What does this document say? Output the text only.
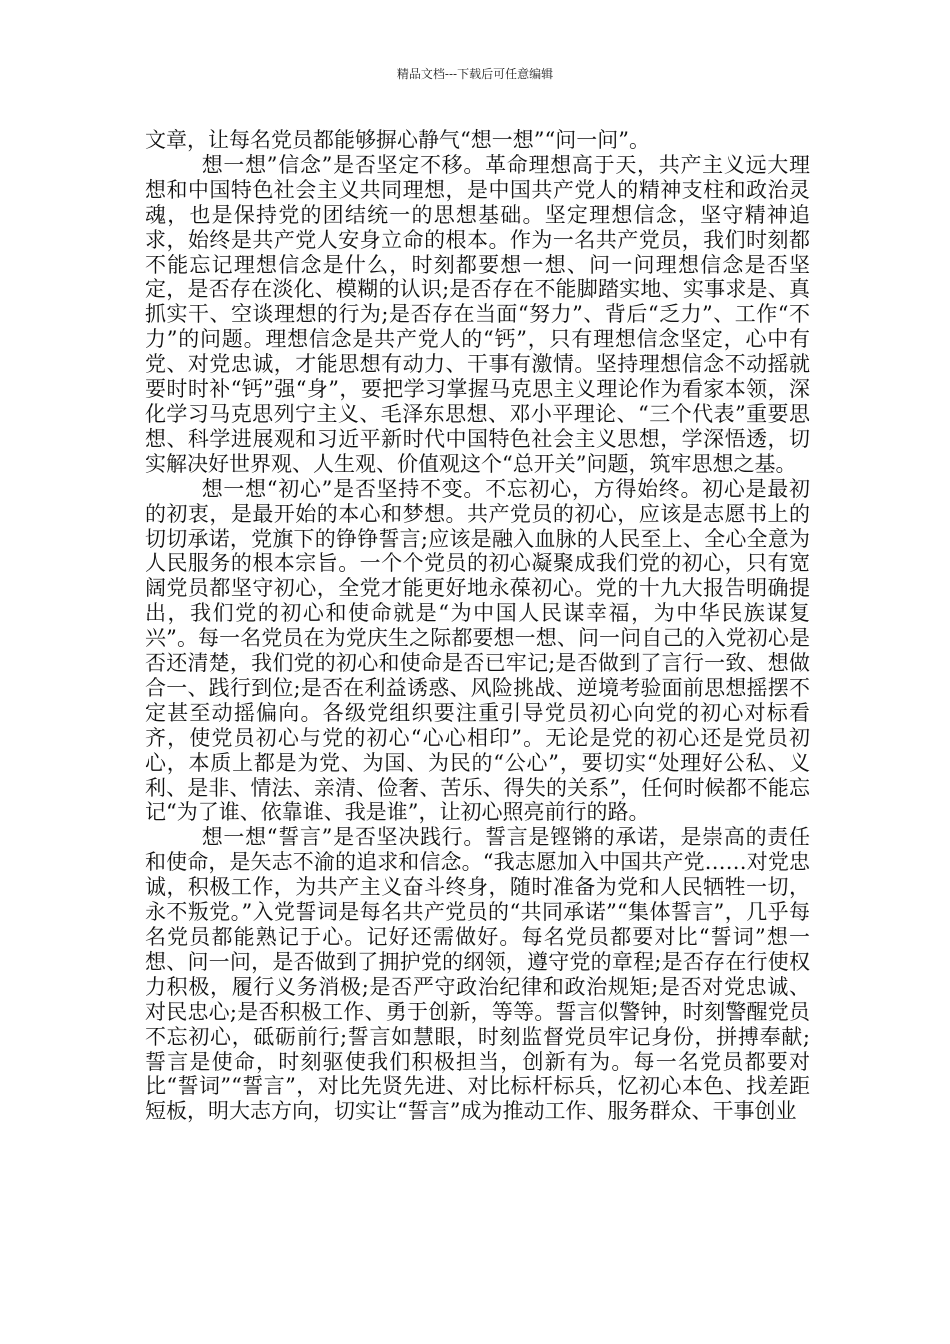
精品文档---下载后可任意编辑

文章，让每名党员都能够摒心静气“想一想”“问一问”。

想一想”信念”是否坚定不移。革命理想高于天，共产主义远大理想和中国特色社会主义共同理想，是中国共产党人的精神支柱和政治灵魂，也是保持党的团结统一的思想基础。坚定理想信念，坚守精神追求，始终是共产党人安身立命的根本。作为一名共产党员，我们时刻都不能忘记理想信念是什么，时刻都要想一想、问一问理想信念是否坚定，是否存在淡化、模糊的认识;是否存在不能脚踏实地、实事求是、真抓实干、空谈理想的行为;是否存在当面“努力”、背后“乏力”、工作“不力”的问题。理想信念是共产党人的“钙”，只有理想信念坚定，心中有党、对党忠诚，才能思想有动力、干事有激情。坚持理想信念不动摇就要时时补“钙”强“身”，要把学习掌握马克思主义理论作为看家本领，深化学习马克思列宁主义、毛泽东思想、邓小平理论、“三个代表”重要思想、科学进展观和习近平新时代中国特色社会主义思想，学深悟透，切实解决好世界观、人生观、价值观这个“总开关”问题，筑牢思想之基。

想一想“初心”是否坚持不变。不忘初心，方得始终。初心是最初的初衷，是最开始的本心和梦想。共产党员的初心，应该是志愿书上的切切承诺，党旗下的铮铮誓言;应该是融入血脉的人民至上、全心全意为人民服务的根本宗旨。一个个党员的初心凝聚成我们党的初心，只有宽阔党员都坚守初心，全党才能更好地永葆初心。党的十九大报告明确提出，我们党的初心和使命就是“为中国人民谋幸福，为中华民族谋复兴”。每一名党员在为党庆生之际都要想一想、问一问自己的入党初心是否还清楚，我们党的初心和使命是否已牢记;是否做到了言行一致、想做合一、践行到位;是否在利益诱惑、风险挑战、逆境考验面前思想摇摆不定甚至动摇偏向。各级党组织要注重引导党员初心向党的初心对标看齐，使党员初心与党的初心“心心相印”。无论是党的初心还是党员初心，本质上都是为党、为国、为民的“公心”，要切实“处理好公私、义利、是非、情法、亲清、俭奢、苦乐、得失的关系”，任何时候都不能忘记“为了谁、依靠谁、我是谁”，让初心照亮前行的路。

想一想“誓言”是否坚决践行。誓言是铿锵的承诺，是崇高的责任和使命，是矢志不渝的追求和信念。“我志愿加入中国共产党……对党忠诚，积极工作，为共产主义奋斗终身，随时准备为党和人民牺牲一切，永不叛党。”入党誓词是每名共产党员的“共同承诺”“集体誓言”，几乎每名党员都能熟记于心。记好还需做好。每名党员都要对比“誓词”想一想、问一问，是否做到了拥护党的纲领，遵守党的章程;是否存在行使权力积极，履行义务消极;是否严守政治纪律和政治规矩;是否对党忠诚、对民忠心;是否积极工作、勇于创新，等等。誓言似警钟，时刻警醒党员不忘初心，砥砺前行;誓言如慧眼，时刻监督党员牢记身份，拼搏奉献;誓言是使命，时刻驱使我们积极担当，创新有为。每一名党员都要对比“誓词”“誓言”，对比先贤先进、对比标杆标兵，忆初心本色、找差距短板，明大志方向，切实让“誓言”成为推动工作、服务群众、干事创业
